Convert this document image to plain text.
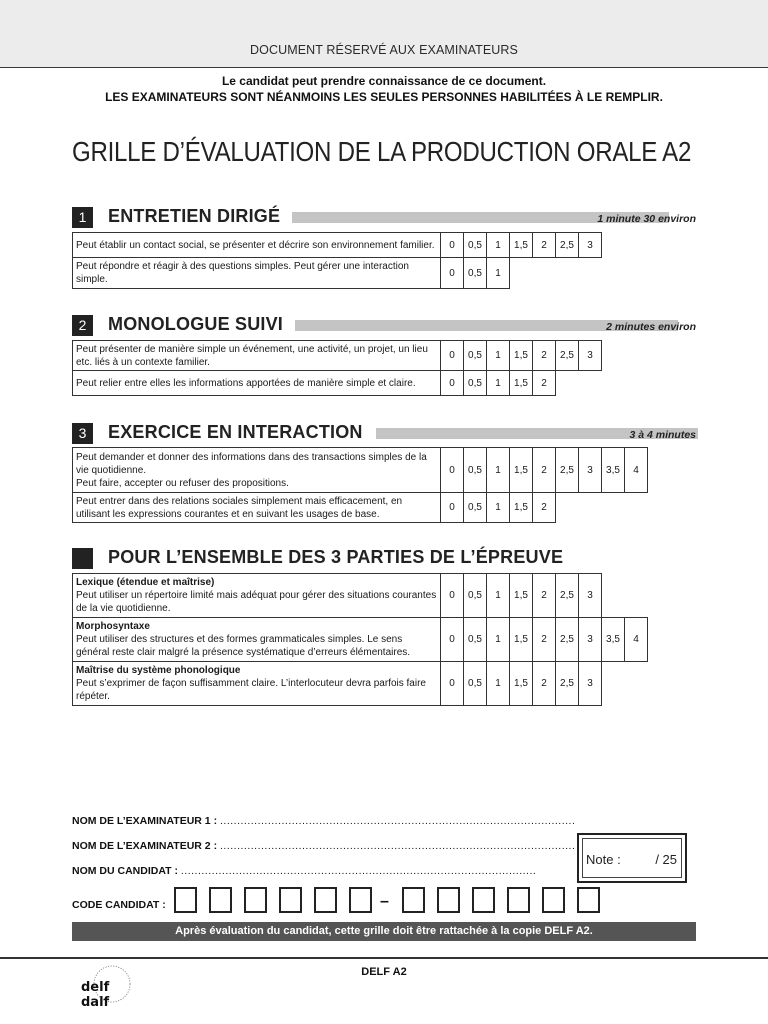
DOCUMENT RÉSERVÉ AUX EXAMINATEURS
Le candidat peut prendre connaissance de ce document.
LES EXAMINATEURS SONT NÉANMOINS LES SEULES PERSONNES HABILITÉES À LE REMPLIR.
GRILLE D’ÉVALUATION DE LA PRODUCTION ORALE A2
1	ENTRETIEN DIRIGÉ	1 minute 30 environ
Peut établir un contact social, se présenter et décrire son environnement familier.	0	0,5	1	1,5	2	2,5	3		
Peut répondre et réagir à des questions simples. Peut gérer une interaction simple.	0	0,5	1						
2	MONOLOGUE SUIVI	2 minutes environ
Peut présenter de manière simple un événement, une activité, un projet, un lieu etc. liés à un contexte familier.	0	0,5	1	1,5	2	2,5	3		
Peut relier entre elles les informations apportées de manière simple et claire.	0	0,5	1	1,5	2				
3	EXERCICE EN INTERACTION	3 à 4 minutes
Peut demander et donner des informations dans des transactions simples de la vie quotidienne.
Peut faire, accepter ou refuser des propositions.	0	0,5	1	1,5	2	2,5	3	3,5	4
Peut entrer dans des relations sociales simplement mais efficacement, en utilisant les expressions courantes et en suivant les usages de base.	0	0,5	1	1,5	2				
POUR L’ENSEMBLE DES 3 PARTIES DE L’ÉPREUVE
Lexique (étendue et maîtrise)
Peut utiliser un répertoire limité mais adéquat pour gérer des situations courantes de la vie quotidienne.	0	0,5	1	1,5	2	2,5	3		

Morphosyntaxe
Peut utiliser des structures et des formes grammaticales simples. Le sens général reste clair malgré la présence systématique d’erreurs élémentaires.	0	0,5	1	1,5	2	2,5	3	3,5	4

Maîtrise du système phonologique
Peut s’exprimer de façon suffisamment claire. L’interlocuteur devra parfois faire répéter.	0	0,5	1	1,5	2	2,5	3		
NOM DE L’EXAMINATEUR 1 : ........................................................................................................
NOM DE L’EXAMINATEUR 2 : ........................................................................................................
NOM DU CANDIDAT : ........................................................................................................
Note :	/ 25
CODE CANDIDAT :	–
Après évaluation du candidat, cette grille doit être rattachée à la copie DELF A2.
DELF A2
delf
dalf
